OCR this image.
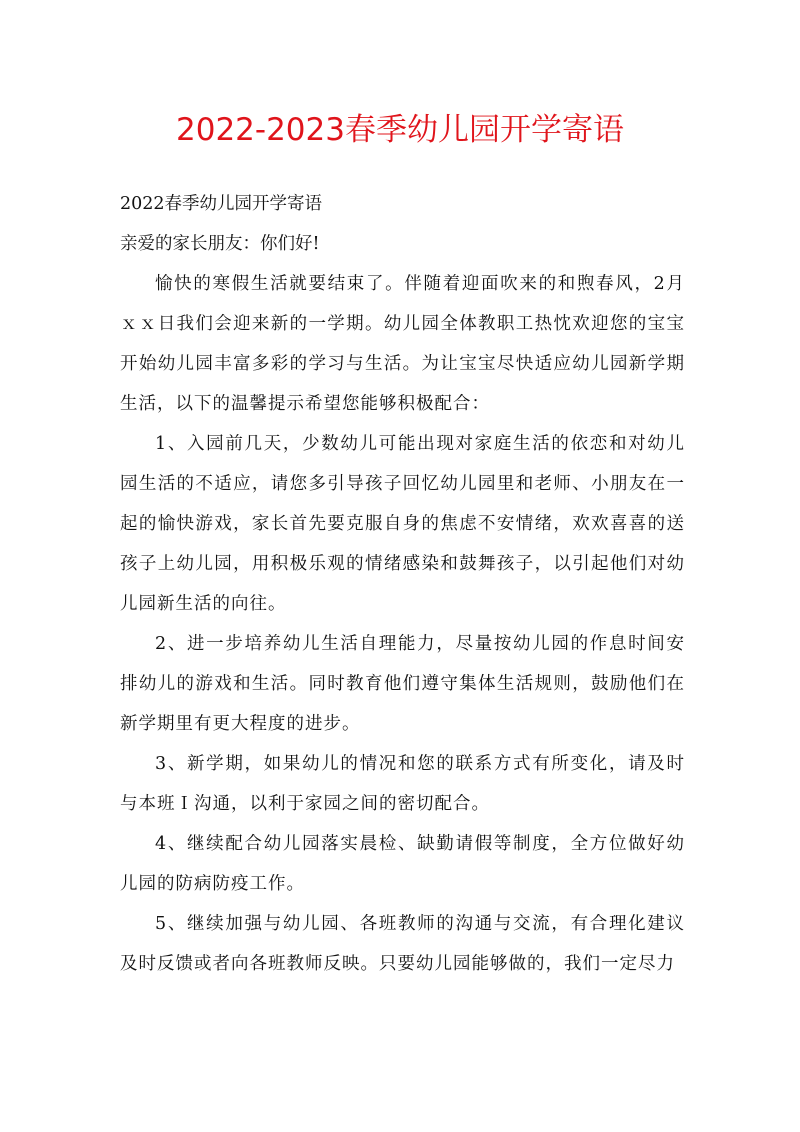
2022-2023春季幼儿园开学寄语

2022春季幼儿园开学寄语

亲爱的家长朋友：你们好!

愉快的寒假生活就要结束了。伴随着迎面吹来的和煦春风，2月ｘｘ日我们会迎来新的一学期。幼儿园全体教职工热忱欢迎您的宝宝开始幼儿园丰富多彩的学习与生活。为让宝宝尽快适应幼儿园新学期生活，以下的温馨提示希望您能够积极配合：

1、入园前几天，少数幼儿可能出现对家庭生活的依恋和对幼儿园生活的不适应，请您多引导孩子回忆幼儿园里和老师、小朋友在一起的愉快游戏，家长首先要克服自身的焦虑不安情绪，欢欢喜喜的送孩子上幼儿园，用积极乐观的情绪感染和鼓舞孩子，以引起他们对幼儿园新生活的向往。

2、进一步培养幼儿生活自理能力，尽量按幼儿园的作息时间安排幼儿的游戏和生活。同时教育他们遵守集体生活规则，鼓励他们在新学期里有更大程度的进步。

3、新学期，如果幼儿的情况和您的联系方式有所变化，请及时与本班Ｉ沟通，以利于家园之间的密切配合。

4、继续配合幼儿园落实晨检、缺勤请假等制度，全方位做好幼儿园的防病防疫工作。

5、继续加强与幼儿园、各班教师的沟通与交流，有合理化建议及时反馈或者向各班教师反映。只要幼儿园能够做的，我们一定尽力
